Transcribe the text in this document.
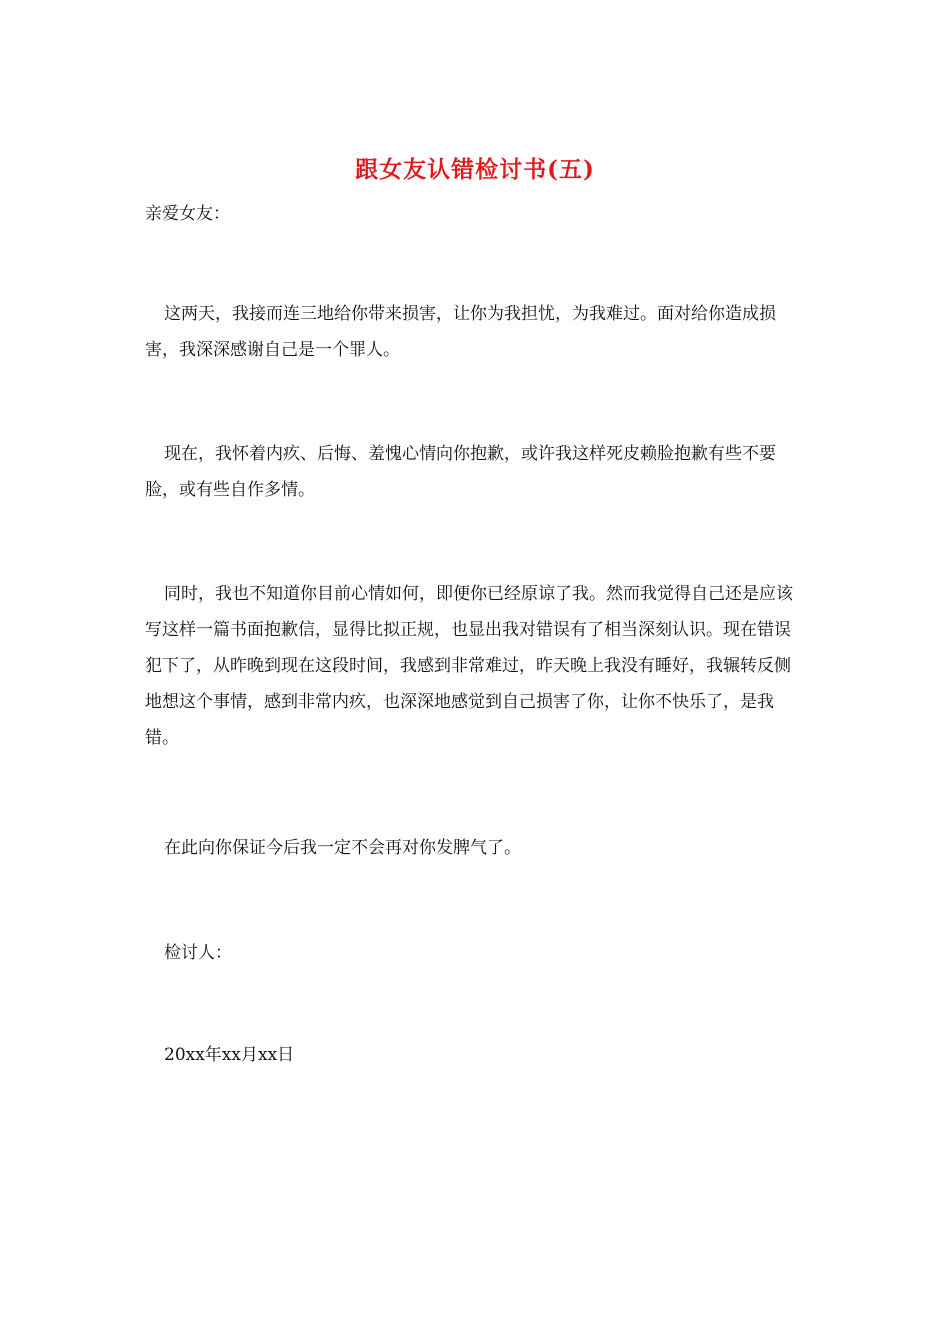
跟女友认错检讨书(五)

亲爱女友：

这两天，我接而连三地给你带来损害，让你为我担忧，为我难过。面对给你造成损害，我深深感谢自己是一个罪人。

现在，我怀着内疚、后悔、羞愧心情向你抱歉，或许我这样死皮赖脸抱歉有些不要脸，或有些自作多情。

同时，我也不知道你目前心情如何，即便你已经原谅了我。然而我觉得自己还是应该写这样一篇书面抱歉信，显得比拟正规，也显出我对错误有了相当深刻认识。现在错误犯下了，从昨晚到现在这段时间，我感到非常难过，昨天晚上我没有睡好，我辗转反侧地想这个事情，感到非常内疚，也深深地感觉到自己损害了你，让你不快乐了，是我错。

在此向你保证今后我一定不会再对你发脾气了。

检讨人：

20xx年xx月xx日
